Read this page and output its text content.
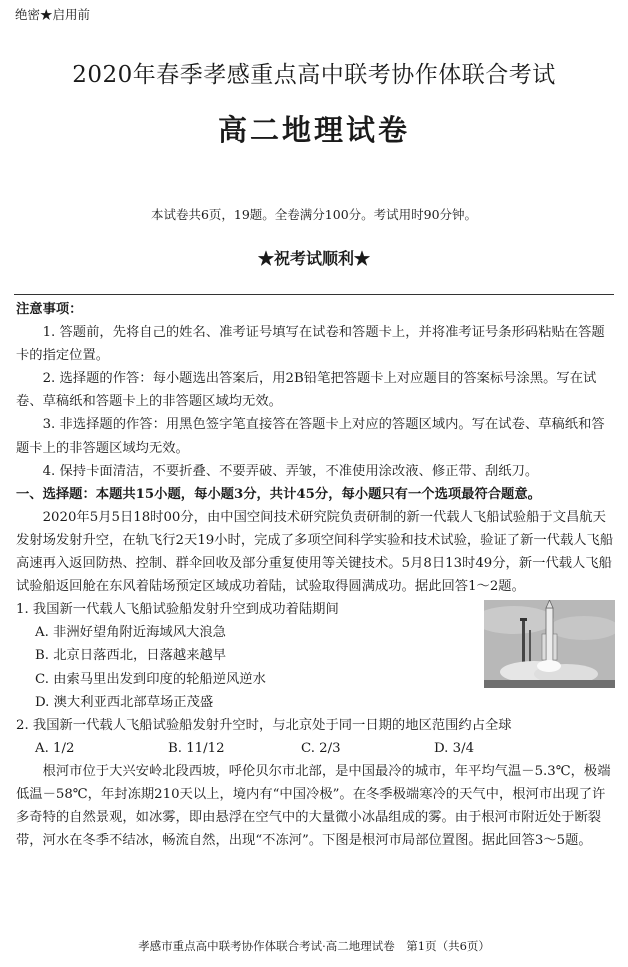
绝密★启用前
2020年春季孝感重点高中联考协作体联合考试
高二地理试卷
本试卷共6页，19题。全卷满分100分。考试用时90分钟。
★祝考试顺利★

注意事项：

1. 答题前，先将自己的姓名、准考证号填写在试卷和答题卡上，并将准考证号条形码粘贴在答题卡的指定位置。

2. 选择题的作答：每小题选出答案后，用2B铅笔把答题卡上对应题目的答案标号涂黑。写在试卷、草稿纸和答题卡上的非答题区域均无效。

3. 非选择题的作答：用黑色签字笔直接答在答题卡上对应的答题区域内。写在试卷、草稿纸和答题卡上的非答题区域均无效。

4. 保持卡面清洁，不要折叠、不要弄破、弄皱，不准使用涂改液、修正带、刮纸刀。

一、选择题：本题共15小题，每小题3分，共计45分，每小题只有一个选项最符合题意。

2020年5月5日18时00分，由中国空间技术研究院负责研制的新一代载人飞船试验船于文昌航天发射场发射升空，在轨飞行2天19小时，完成了多项空间科学实验和技术试验，验证了新一代载人飞船高速再入返回防热、控制、群伞回收及部分重复使用等关键技术。5月8日13时49分，新一代载人飞船试验船返回舱在东风着陆场预定区域成功着陆，试验取得圆满成功。据此回答1～2题。

1. 我国新一代载人飞船试验船发射升空到成功着陆期间

A. 非洲好望角附近海域风大浪急

B. 北京日落西北，日落越来越早

C. 由索马里出发到印度的轮船逆风逆水

D. 澳大利亚西北部草场正茂盛

2. 我国新一代载人飞船试验船发射升空时，与北京处于同一日期的地区范围约占全球

A. 1/2	B. 11/12	C. 2/3	D. 3/4

根河市位于大兴安岭北段西坡，呼伦贝尔市北部，是中国最冷的城市，年平均气温－5.3℃，极端低温－58℃，年封冻期210天以上，境内有“中国冷极”。在冬季极端寒冷的天气中，根河市出现了许多奇特的自然景观，如冰雾，即由悬浮在空气中的大量微小冰晶组成的雾。由于根河市附近处于断裂带，河水在冬季不结冰，畅流自然，出现“不冻河”。下图是根河市局部位置图。据此回答3～5题。

孝感市重点高中联考协作体联合考试·高二地理试卷　第1页（共6页）
